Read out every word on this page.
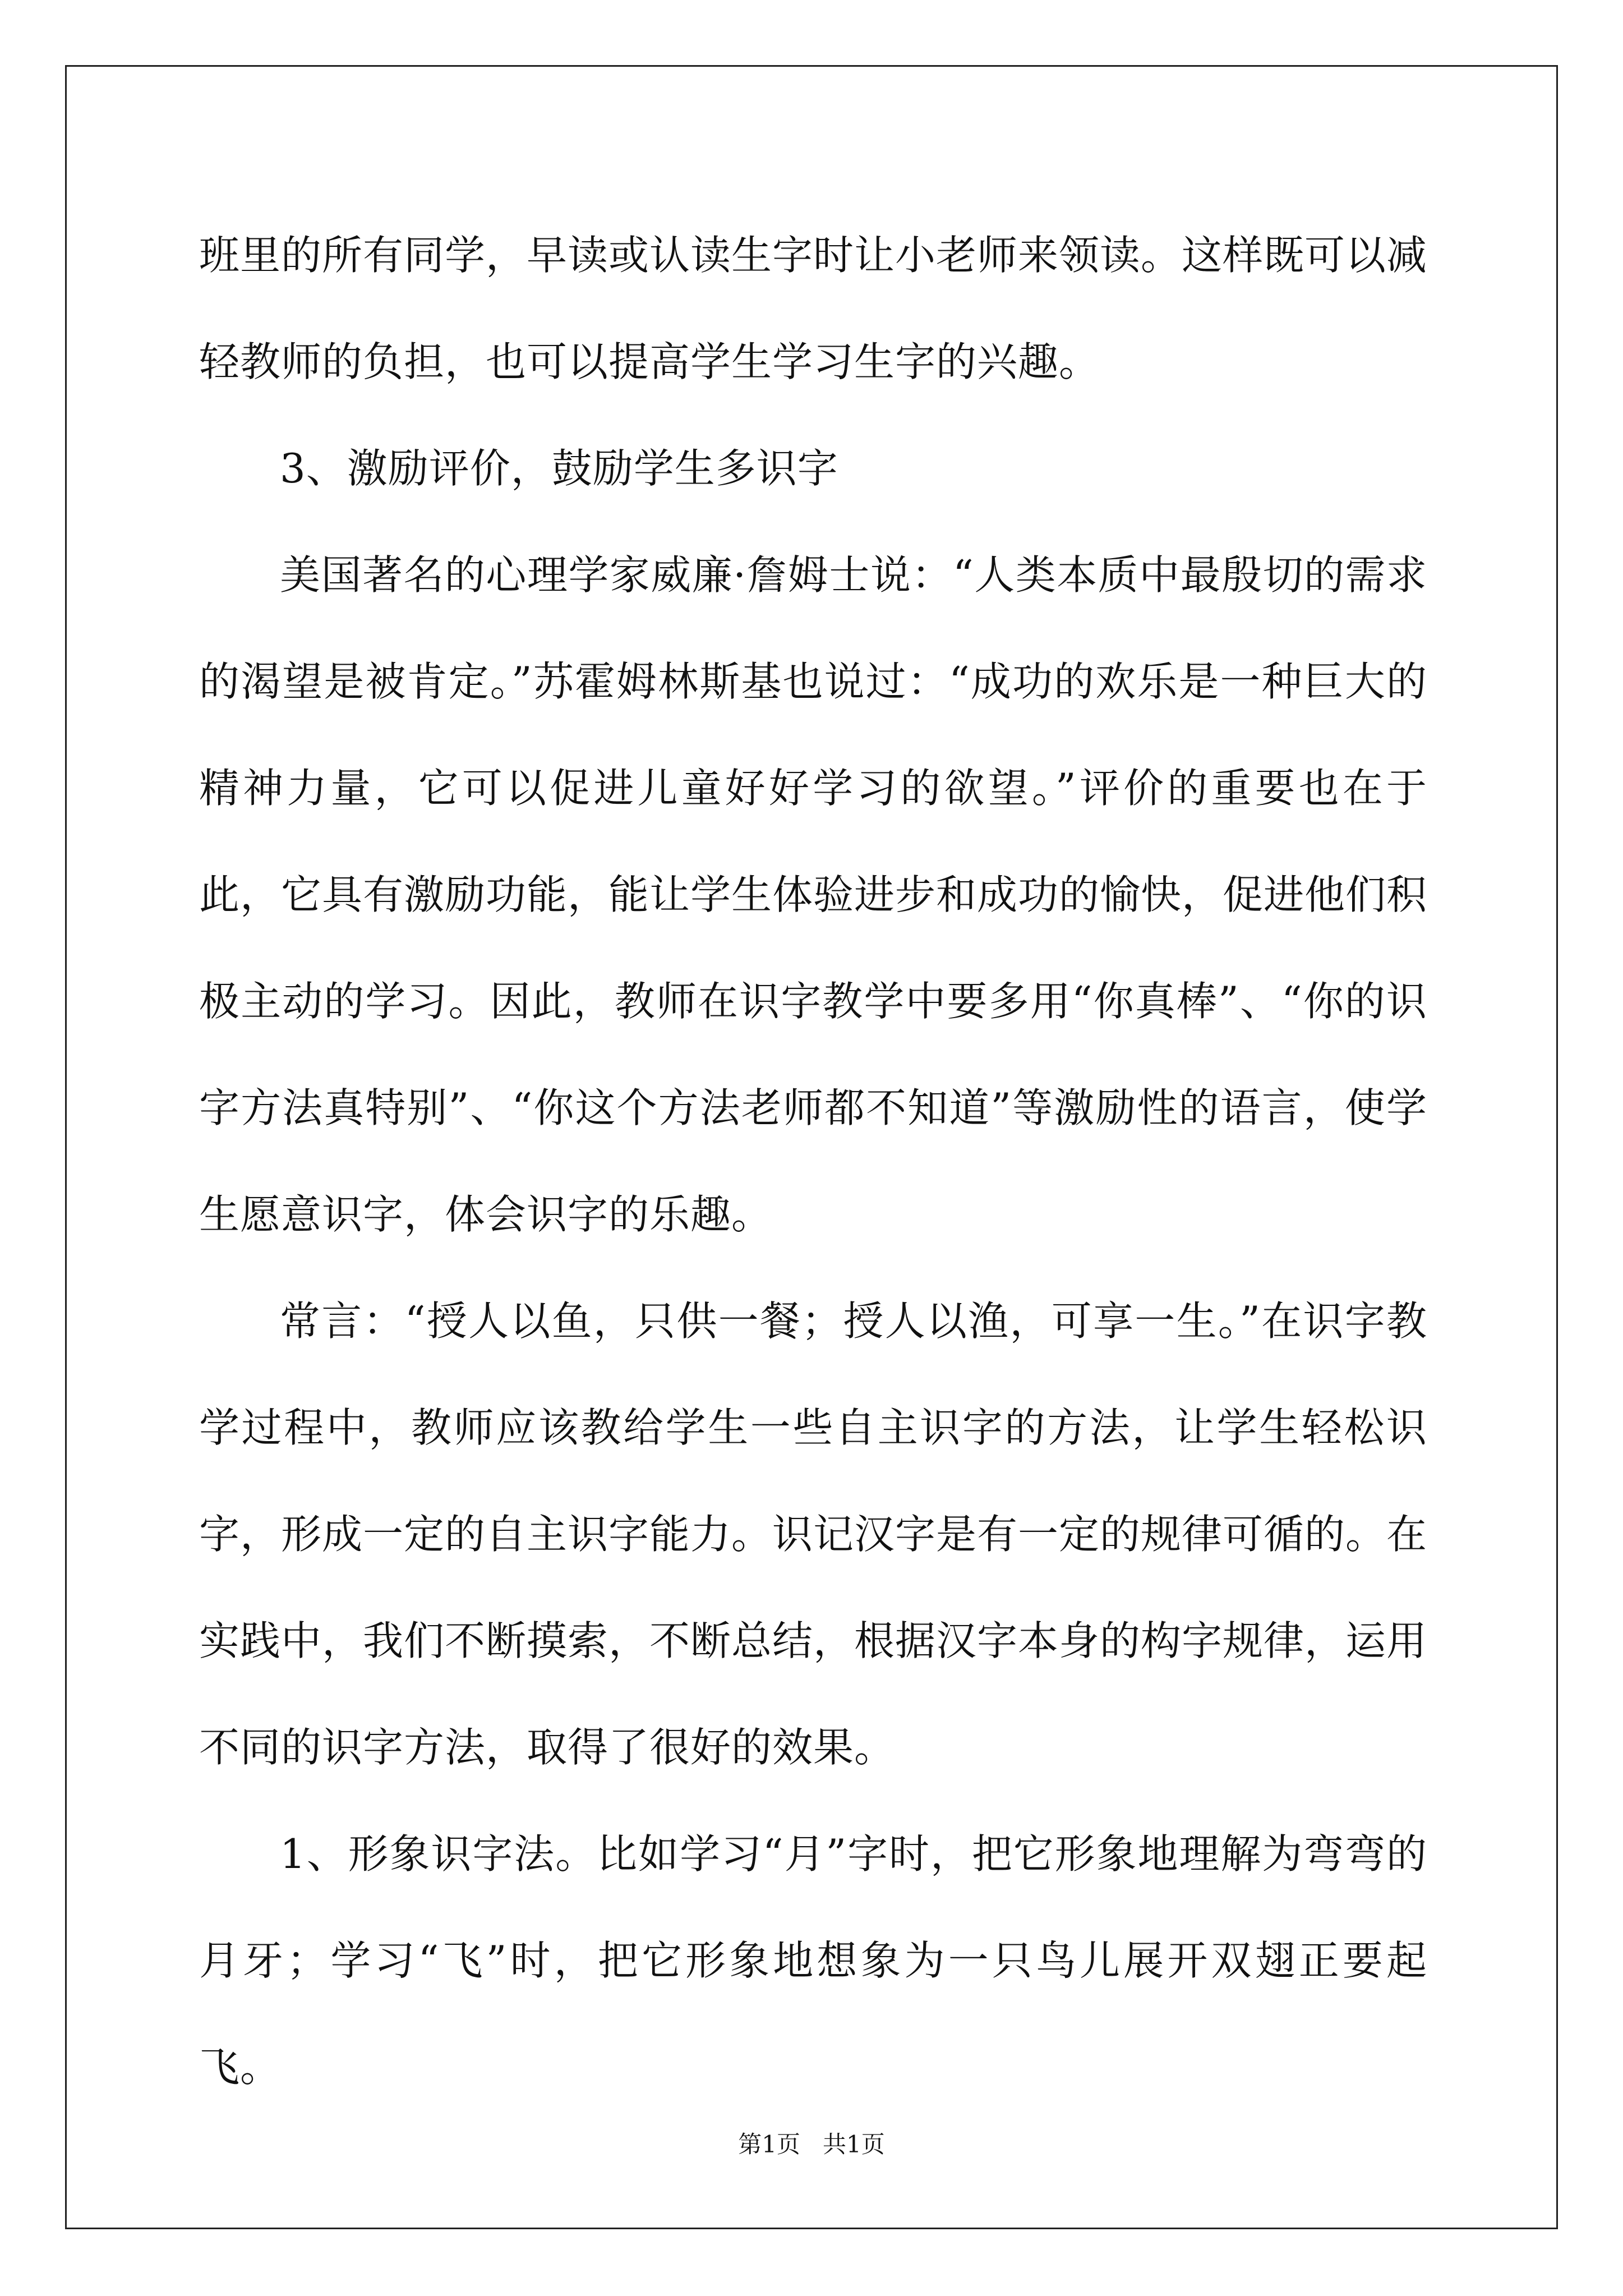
班里的所有同学，早读或认读生字时让小老师来领读。这样既可以减轻教师的负担，也可以提高学生学习生字的兴趣。

3、激励评价，鼓励学生多识字

美国著名的心理学家威廉·詹姆士说：“人类本质中最殷切的需求的渴望是被肯定。”苏霍姆林斯基也说过：“成功的欢乐是一种巨大的精神力量，它可以促进儿童好好学习的欲望。”评价的重要也在于此，它具有激励功能，能让学生体验进步和成功的愉快，促进他们积极主动的学习。因此，教师在识字教学中要多用“你真棒”、“你的识字方法真特别”、“你这个方法老师都不知道”等激励性的语言，使学生愿意识字，体会识字的乐趣。

常言：“授人以鱼，只供一餐；授人以渔，可享一生。”在识字教学过程中，教师应该教给学生一些自主识字的方法，让学生轻松识字，形成一定的自主识字能力。识记汉字是有一定的规律可循的。在实践中，我们不断摸索，不断总结，根据汉字本身的构字规律，运用不同的识字方法，取得了很好的效果。

1、形象识字法。比如学习“月”字时，把它形象地理解为弯弯的月牙；学习“飞”时，把它形象地想象为一只鸟儿展开双翅正要起飞。

第1页 共1页
